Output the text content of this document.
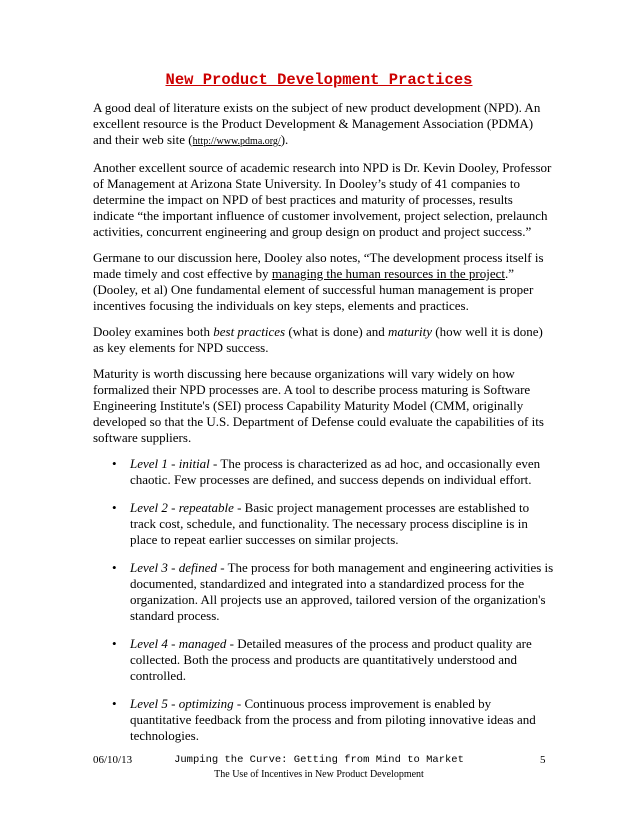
New Product Development Practices

A good deal of literature exists on the subject of new product development (NPD). An excellent resource is the Product Development & Management Association (PDMA) and their web site (http://www.pdma.org/).

Another excellent source of academic research into NPD is Dr. Kevin Dooley, Professor of Management at Arizona State University. In Dooley’s study of 41 companies to determine the impact on NPD of best practices and maturity of processes, results indicate “the important influence of customer involvement, project selection, prelaunch activities, concurrent engineering and group design on product and project success.”

Germane to our discussion here, Dooley also notes, “The development process itself is made timely and cost effective by managing the human resources in the project.” (Dooley, et al) One fundamental element of successful human management is proper incentives focusing the individuals on key steps, elements and practices.

Dooley examines both best practices (what is done) and maturity (how well it is done) as key elements for NPD success.

Maturity is worth discussing here because organizations will vary widely on how formalized their NPD processes are. A tool to describe process maturing is Software Engineering Institute's (SEI) process Capability Maturity Model (CMM, originally developed so that the U.S. Department of Defense could evaluate the capabilities of its software suppliers.

• Level 1 - initial - The process is characterized as ad hoc, and occasionally even chaotic. Few processes are defined, and success depends on individual effort.
• Level 2 - repeatable - Basic project management processes are established to track cost, schedule, and functionality. The necessary process discipline is in place to repeat earlier successes on similar projects.
• Level 3 - defined - The process for both management and engineering activities is documented, standardized and integrated into a standardized process for the organization. All projects use an approved, tailored version of the organization's standard process.
• Level 4 - managed - Detailed measures of the process and product quality are collected. Both the process and products are quantitatively understood and controlled.
• Level 5 - optimizing - Continuous process improvement is enabled by quantitative feedback from the process and from piloting innovative ideas and technologies.
06/10/13	Jumping the Curve: Getting from Mind to Market
The Use of Incentives in New Product Development
5
